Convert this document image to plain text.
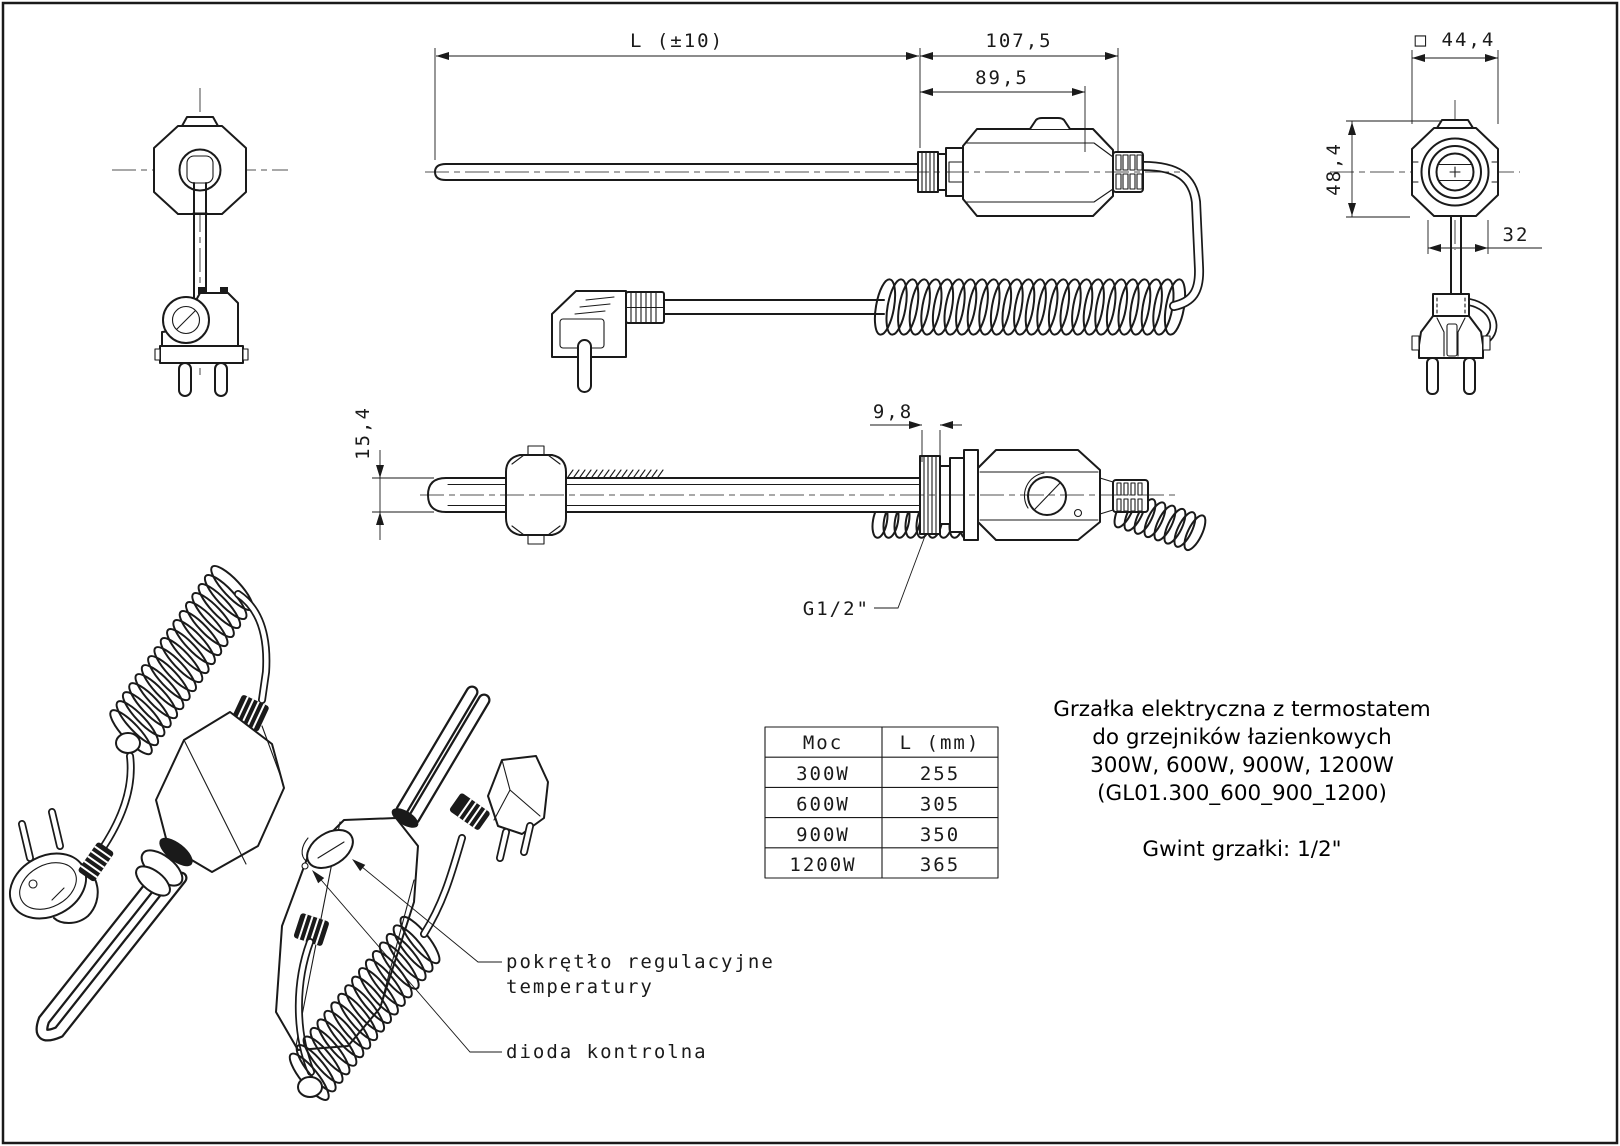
L (±10)	107,5
89,5
□ 44,4
48,4
32
15,4	9,8
G1/2"
pokrętło regulacyjne
temperatury
dioda kontrolna
Moc	L (mm)
300W	255
600W	305
900W	350
1200W	365
Grzałka elektryczna z termostatem
do grzejników łazienkowych
300W, 600W, 900W, 1200W
(GL01.300_600_900_1200)
Gwint grzałki: 1/2"
